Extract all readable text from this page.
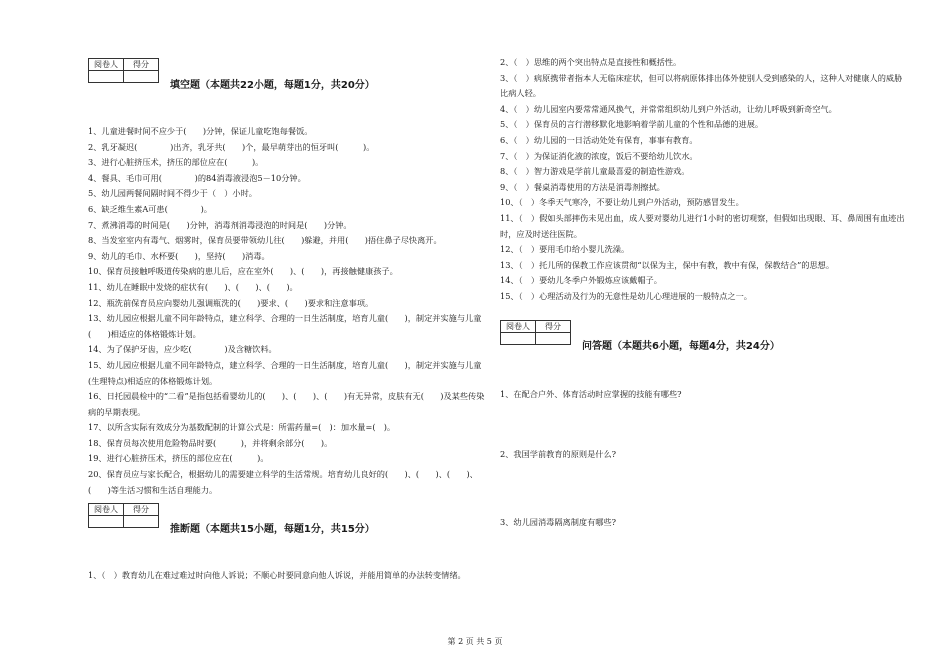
阅卷人	得分

填空题（本题共22小题，每题1分，共20分）
1、儿童进餐时间不应少于(　　)分钟，保证儿童吃饱每餐饭。
2、乳牙凝迟(　　　　)出齐，乳牙共(　　)个，最早萌芽出的恒牙叫(　　　)。
3、进行心脏挤压术，挤压的部位应在(　　　)。
4、餐具、毛巾可用(　　　　)的84消毒液浸泡5－10分钟。
5、幼儿园两餐间隔时间不得少于（　）小时。
6、缺乏维生素A可患(　　　　)。
7、煮沸消毒的时间是(　　)分钟，消毒剂消毒浸泡的时间是(　　)分钟。
8、当发室室内有毒气、烟雾时，保育员要带领幼儿往(　　)躲避，并用(　　)捂住鼻子尽快离开。
9、幼儿的毛巾、水杯要(　　)，坚持(　　)消毒。
10、保育员接触呼吸道传染病的患儿后，应在室外(　　)、(　　)，再接触健康孩子。
11、幼儿在睡眠中发烧的症状有(　　)、(　　)、(　　)。
12、瓶洗前保育员应向婴幼儿强调瓶洗的(　　)要求、(　　)要求和注意事项。
13、幼儿园应根据儿童不同年龄特点，建立科学、合理的一日生活制度，培育儿童(　　)，制定并实施与儿童(　　)相适应的体格锻炼计划。
14、为了保护牙齿，应少吃(　　　　)及含糖饮料。
15、幼儿园应根据儿童不同年龄特点，建立科学、合理的一日生活制度，培育儿童(　　)，制定并实施与儿童(生理特点)相适应的体格锻炼计划。
16、日托园晨检中的“二看”是指包括看婴幼儿的(　　)、(　　)、(　　)有无异常，皮肤有无(　　)及某些传染病的早期表现。
17、以所含实际有效成分为基数配制的计算公式是：所需药量=(　)：加水量=(　)。
18、保育员每次使用危险物品时要(　　　)，并将剩余部分(　　)。
19、进行心脏挤压术，挤压的部位应在(　　　)。
20、保育员应与家长配合，根据幼儿的需要建立科学的生活常规。培育幼儿良好的(　　)、(　　)、(　　)、(　　)等生活习惯和生活自理能力。
阅卷人	得分

推断题（本题共15小题，每题1分，共15分）
1、（　）教育幼儿在难过难过时向他人诉说；不顺心时要同意向他人诉说，并能用简单的办法转变情绪。
2、（　）思维的两个突出特点是直接性和概括性。
3、（　）病原携带者指本人无临床症状，但可以将病原体排出体外使别人受到感染的人，这种人对健康人的威胁比病人轻。
4、（　）幼儿园室内要常常通风换气，并常常组织幼儿到户外活动，让幼儿呼吸到新奇空气。
5、（　）保育员的言行潜移默化地影响着学前儿童的个性和品德的进展。
6、（　）幼儿园的一日活动处处有保育，事事有教育。
7、（　）为保证消化液的浓度，饭后不要给幼儿饮水。
8、（　）智力游戏是学前儿童最喜爱的制造性游戏。
9、（　）餐桌消毒使用的方法是消毒剂擦拭。
10、（　）冬季天气寒冷，不要让幼儿到户外活动，预防感冒发生。
11、（　）假如头部摔伤未见出血，成人要对婴幼儿进行1小时的密切观察，但假如出现眼、耳、鼻周围有血迹出时，应及时送往医院。
12、（　）要用毛巾给小婴儿洗澡。
13、（　）托儿所的保教工作应该贯彻“以保为主，保中有教，教中有保，保教结合”的思想。
14、（　）要幼儿冬季户外锻炼应该戴帽子。
15、（　）心理活动及行为的无意性是幼儿心理进展的一般特点之一。
阅卷人	得分

问答题（本题共6小题，每题4分，共24分）
1、在配合户外、体育活动时应掌握的技能有哪些?
2、我国学前教育的原则是什么?
3、幼儿园消毒隔离制度有哪些?
第 2 页 共 5 页
